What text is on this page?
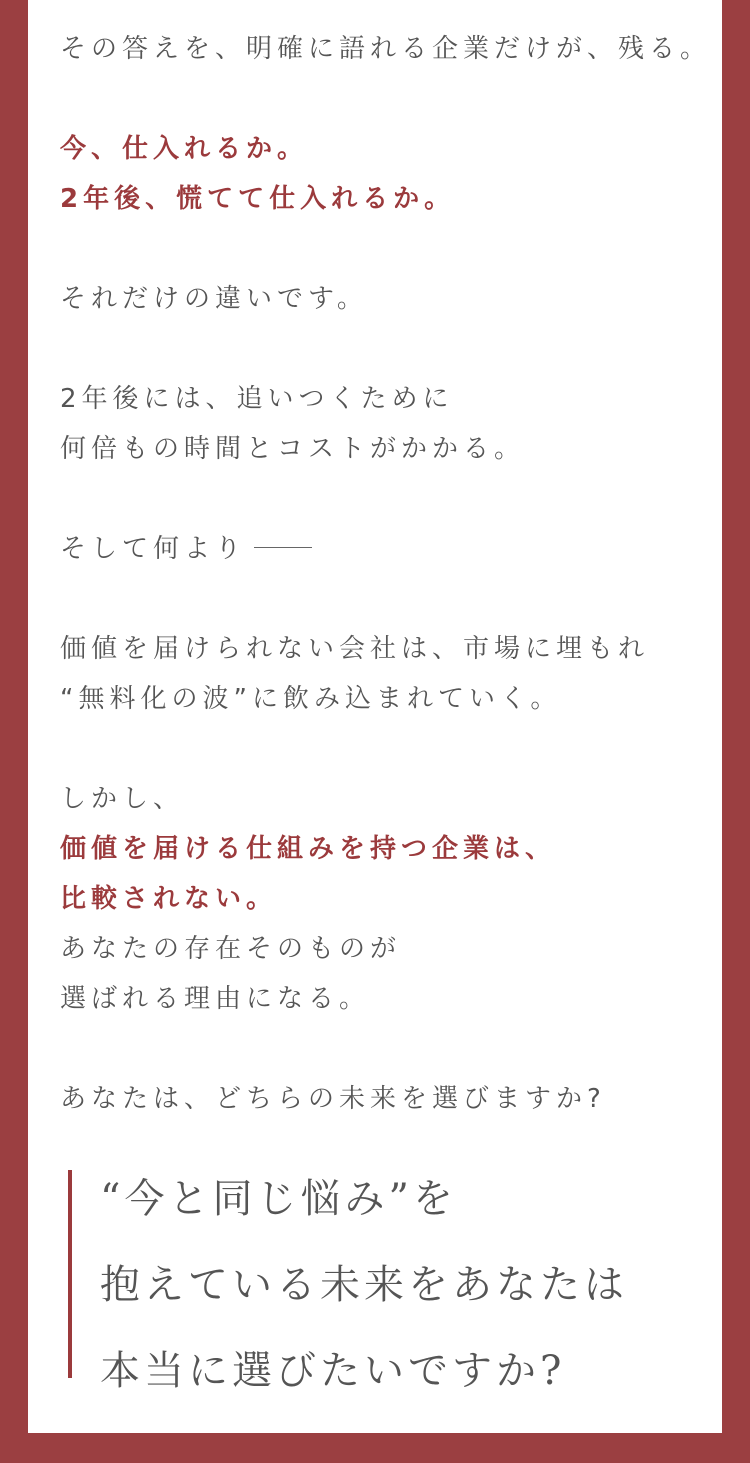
その答えを、明確に語れる企業だけが、残る。
今、仕入れるか。
2年後、慌てて仕入れるか。
それだけの違いです。
2年後には、追いつくために
何倍もの時間とコストがかかる。
そして何より
価値を届けられない会社は、市場に埋もれ
“無料化の波”に飲み込まれていく。
しかし、
価値を届ける仕組みを持つ企業は、
比較されない。
あなたの存在そのものが
選ばれる理由になる。
あなたは、どちらの未来を選びますか?
“今と同じ悩み”を
抱えている未来をあなたは
本当に選びたいですか?
